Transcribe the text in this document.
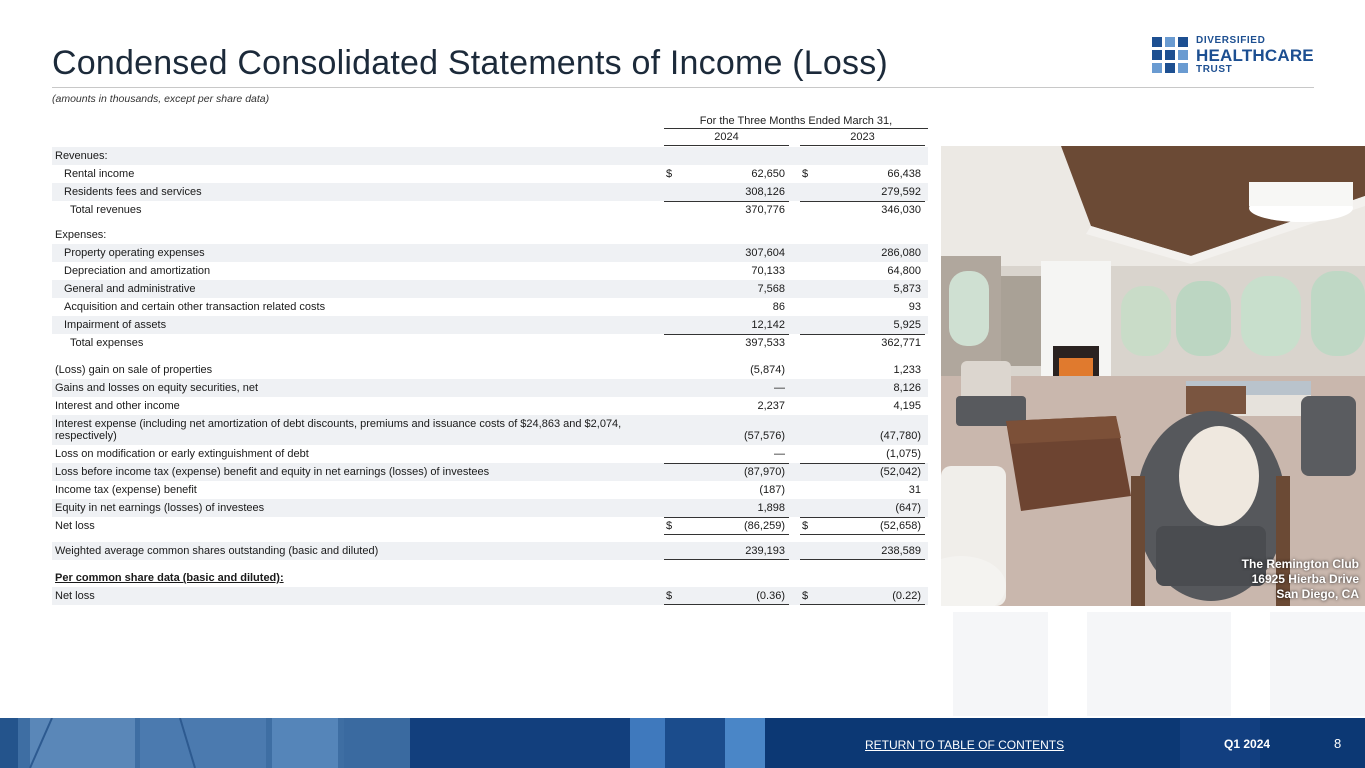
Condensed Consolidated Statements of Income (Loss)
(amounts in thousands, except per share data)
DIVERSIFIED
HEALTHCARE
TRUST
For the Three Months Ended March 31,
2024	2023
Revenues:
Rental income	$	62,650	$	66,438
Residents fees and services	308,126	279,592
Total revenues	370,776	346,030
Expenses:
Property operating expenses	307,604	286,080
Depreciation and amortization	70,133	64,800
General and administrative	7,568	5,873
Acquisition and certain other transaction related costs	86	93
Impairment of assets	12,142	5,925
Total expenses	397,533	362,771
(Loss) gain on sale of properties	(5,874)	1,233
Gains and losses on equity securities, net	—	8,126
Interest and other income	2,237	4,195
Interest expense (including net amortization of debt discounts, premiums and issuance costs of $24,863 and $2,074, respectively)	(57,576)	(47,780)
Loss on modification or early extinguishment of debt	—	(1,075)
Loss before income tax (expense) benefit and equity in net earnings (losses) of investees	(87,970)	(52,042)
Income tax (expense) benefit	(187)	31
Equity in net earnings (losses) of investees	1,898	(647)
Net loss	$	(86,259)	$	(52,658)
Weighted average common shares outstanding (basic and diluted)	239,193	238,589
Per common share data (basic and diluted):
Net loss	$	(0.36)	$	(0.22)
The Remington Club
16925 Hierba Drive
San Diego, CA
RETURN TO TABLE OF CONTENTS	Q1 2024	8
